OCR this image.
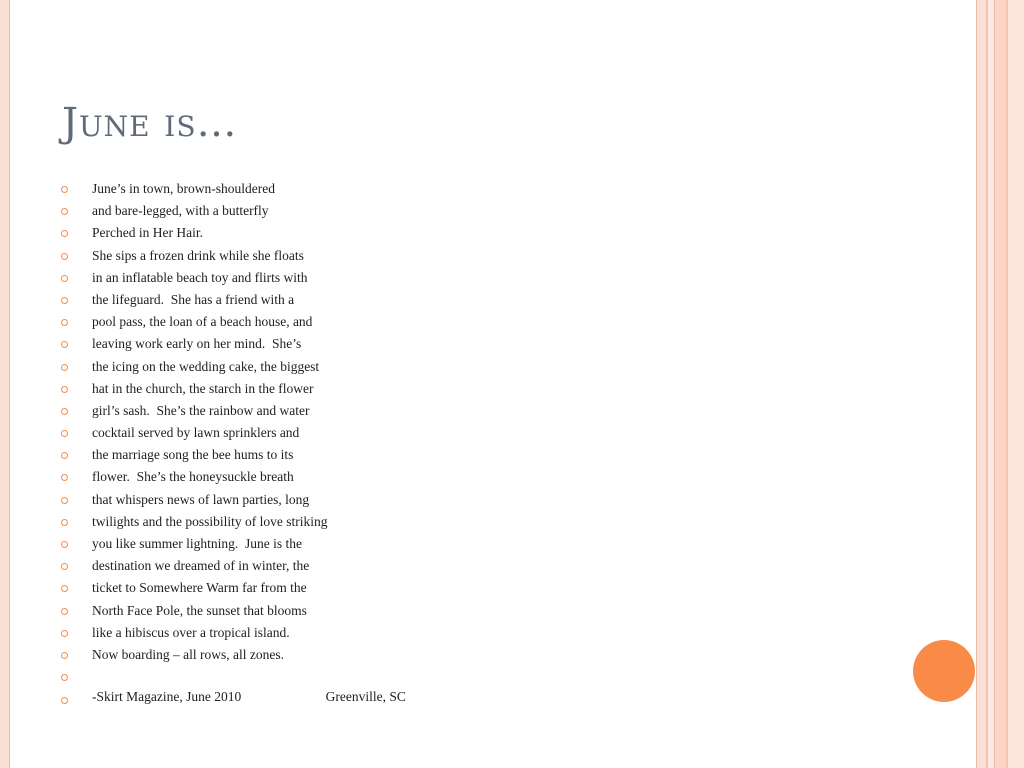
June is…
June’s in town, brown-shouldered
and bare-legged, with a butterfly
Perched in Her Hair.
She sips a frozen drink while she floats
in an inflatable beach toy and flirts with
the lifeguard.  She has a friend with a
pool pass, the loan of a beach house, and
leaving work early on her mind.  She’s
the icing on the wedding cake, the biggest
hat in the church, the starch in the flower
girl’s sash.  She’s the rainbow and water
cocktail served by lawn sprinklers and
the marriage song the bee hums to its
flower.  She’s the honeysuckle breath
that whispers news of lawn parties, long
twilights and the possibility of love striking
you like summer lightning.  June is the
destination we dreamed of in winter, the
ticket to Somewhere Warm far from the
North Face Pole, the sunset that blooms
like a hibiscus over a tropical island.
Now boarding – all rows, all zones.
-Skirt Magazine, June 2010	Greenville, SC
